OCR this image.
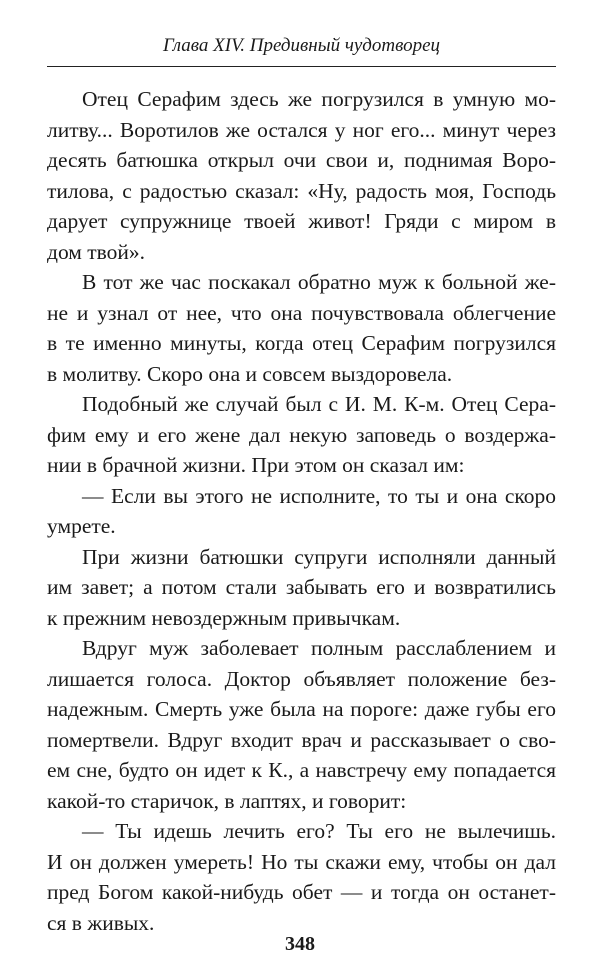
Глава XIV. Предивный чудотворец
Отец Серафим здесь же погрузился в умную мо-
литву... Воротилов же остался у ног его... минут через
десять батюшка открыл очи свои и, поднимая Воро-
тилова, с радостью сказал: «Ну, радость моя, Господь
дарует супружнице твоей живот! Гряди с миром в
дом твой».
В тот же час поскакал обратно муж к больной же-
не и узнал от нее, что она почувствовала облегчение
в те именно минуты, когда отец Серафим погрузился
в молитву. Скоро она и совсем выздоровела.
Подобный же случай был с И. М. К-м. Отец Сера-
фим ему и его жене дал некую заповедь о воздержа-
нии в брачной жизни. При этом он сказал им:
— Если вы этого не исполните, то ты и она скоро
умрете.
При жизни батюшки супруги исполняли данный
им завет; а потом стали забывать его и возвратились
к прежним невоздержным привычкам.
Вдруг муж заболевает полным расслаблением и
лишается голоса. Доктор объявляет положение без-
надежным. Смерть уже была на пороге: даже губы его
помертвели. Вдруг входит врач и рассказывает о сво-
ем сне, будто он идет к К., а навстречу ему попадается
какой-то старичок, в лаптях, и говорит:
— Ты идешь лечить его? Ты его не вылечишь.
И он должен умереть! Но ты скажи ему, чтобы он дал
пред Богом какой-нибудь обет — и тогда он останет-
ся в живых.
348
